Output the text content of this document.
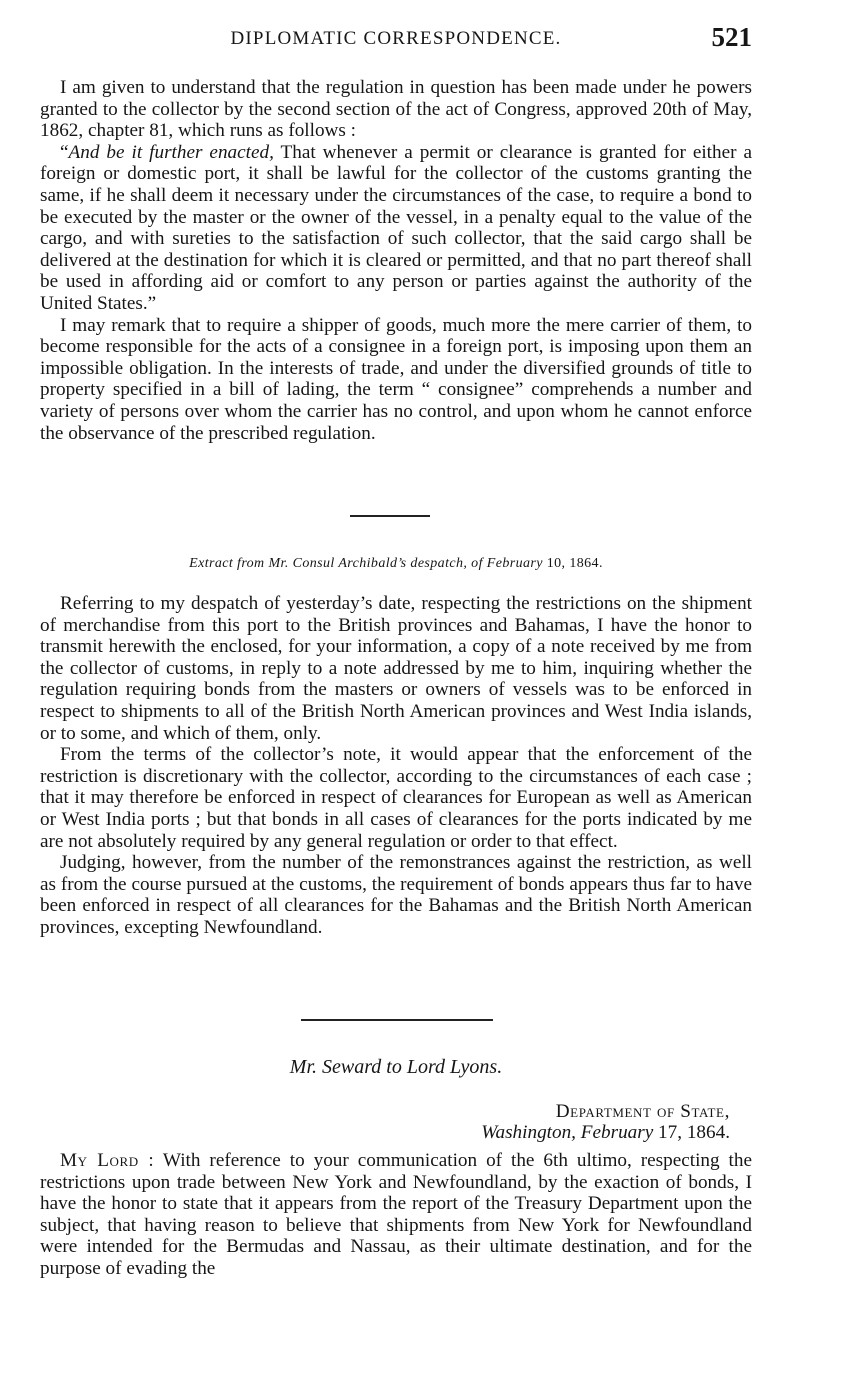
DIPLOMATIC CORRESPONDENCE.	521

I am given to understand that the regulation in question has been made under he powers granted to the collector by the second section of the act of Congress, approved 20th of May, 1862, chapter 81, which runs as follows :

“And be it further enacted, That whenever a permit or clearance is granted for either a foreign or domestic port, it shall be lawful for the collector of the customs granting the same, if he shall deem it necessary under the circumstances of the case, to require a bond to be executed by the master or the owner of the vessel, in a penalty equal to the value of the cargo, and with sureties to the satisfaction of such collector, that the said cargo shall be delivered at the destination for which it is cleared or permitted, and that no part thereof shall be used in affording aid or comfort to any person or parties against the authority of the United States.”

I may remark that to require a shipper of goods, much more the mere carrier of them, to become responsible for the acts of a consignee in a foreign port, is imposing upon them an impossible obligation. In the interests of trade, and under the diversified grounds of title to property specified in a bill of lading, the term “ consignee” comprehends a number and variety of persons over whom the carrier has no control, and upon whom he cannot enforce the observance of the prescribed regulation.

Extract from Mr. Consul Archibald’s despatch, of February 10, 1864.

Referring to my despatch of yesterday’s date, respecting the restrictions on the shipment of merchandise from this port to the British provinces and Bahamas, I have the honor to transmit herewith the enclosed, for your information, a copy of a note received by me from the collector of customs, in reply to a note addressed by me to him, inquiring whether the regulation requiring bonds from the masters or owners of vessels was to be enforced in respect to shipments to all of the British North American provinces and West India islands, or to some, and which of them, only.

From the terms of the collector’s note, it would appear that the enforcement of the restriction is discretionary with the collector, according to the circumstances of each case ; that it may therefore be enforced in respect of clearances for European as well as American or West India ports ; but that bonds in all cases of clearances for the ports indicated by me are not absolutely required by any general regulation or order to that effect.

Judging, however, from the number of the remonstrances against the restriction, as well as from the course pursued at the customs, the requirement of bonds appears thus far to have been enforced in respect of all clearances for the Bahamas and the British North American provinces, excepting Newfoundland.

Mr. Seward to Lord Lyons.
Department of State,
Washington, February 17, 1864.

My Lord : With reference to your communication of the 6th ultimo, respecting the restrictions upon trade between New York and Newfoundland, by the exaction of bonds, I have the honor to state that it appears from the report of the Treasury Department upon the subject, that having reason to believe that shipments from New York for Newfoundland were intended for the Bermudas and Nassau, as their ultimate destination, and for the purpose of evading the
